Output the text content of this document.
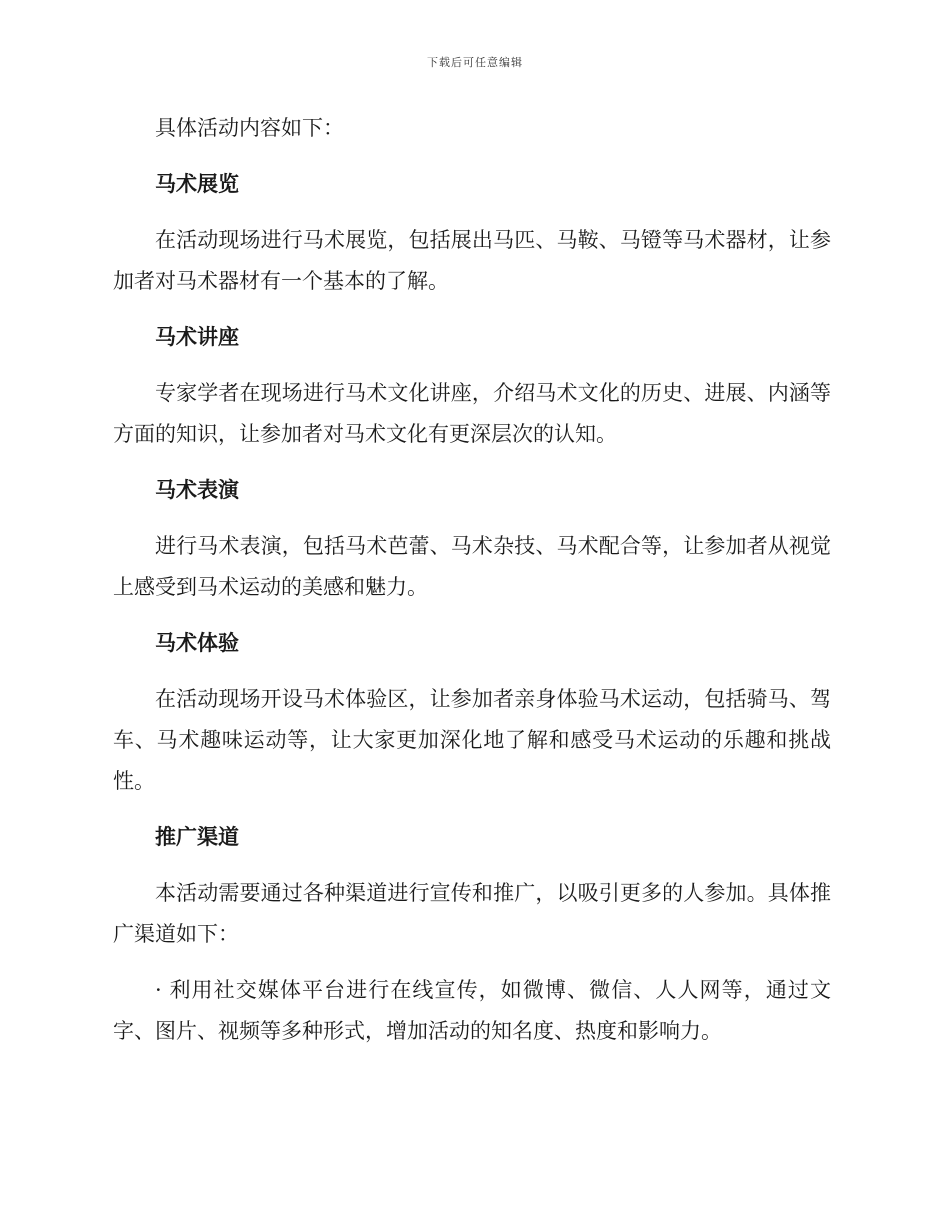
下载后可任意编辑

具体活动内容如下：

马术展览

在活动现场进行马术展览，包括展出马匹、马鞍、马镫等马术器材，让参加者对马术器材有一个基本的了解。

马术讲座

专家学者在现场进行马术文化讲座，介绍马术文化的历史、进展、内涵等方面的知识，让参加者对马术文化有更深层次的认知。

马术表演

进行马术表演，包括马术芭蕾、马术杂技、马术配合等，让参加者从视觉上感受到马术运动的美感和魅力。

马术体验

在活动现场开设马术体验区，让参加者亲身体验马术运动，包括骑马、驾车、马术趣味运动等，让大家更加深化地了解和感受马术运动的乐趣和挑战性。

推广渠道

本活动需要通过各种渠道进行宣传和推广，以吸引更多的人参加。具体推广渠道如下：

· 利用社交媒体平台进行在线宣传，如微博、微信、人人网等，通过文字、图片、视频等多种形式，增加活动的知名度、热度和影响力。
